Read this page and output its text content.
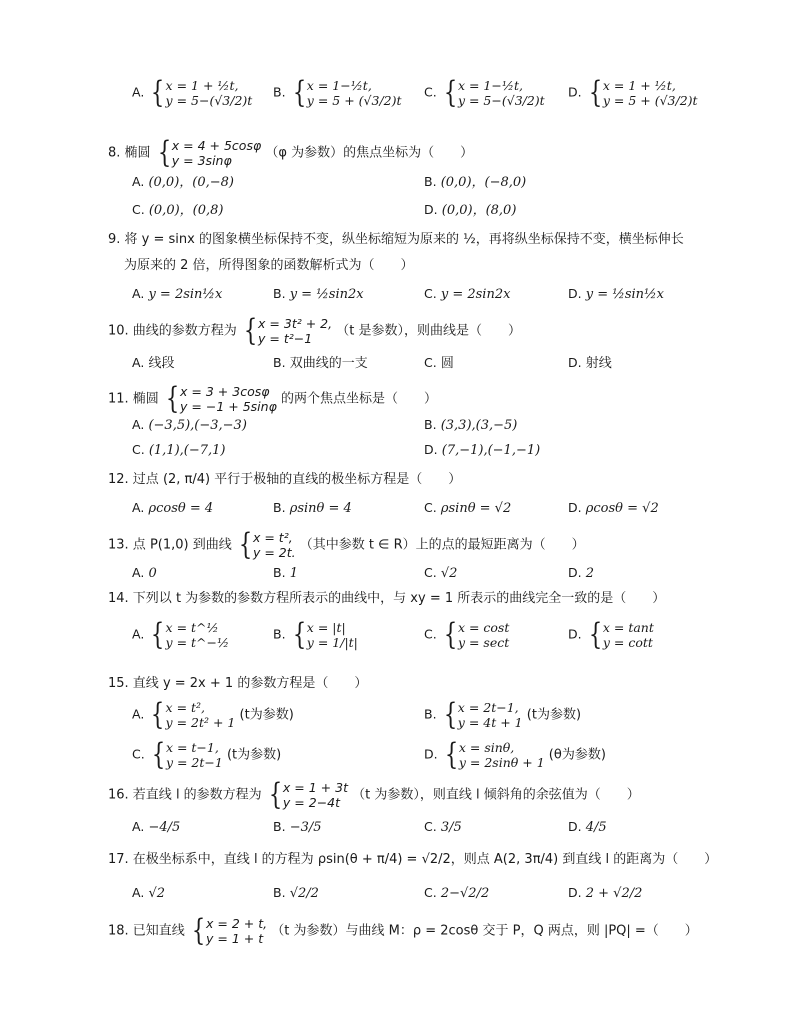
A. { x = 1 + ½t,
y = 5−(√3/2)t
B. { x = 1−½t,
y = 5 + (√3/2)t
C. { x = 1−½t,
y = 5−(√3/2)t
D. { x = 1 + ½t,
y = 5 + (√3/2)t
8. 椭圆 { x = 4 + 5cosφ
y = 3sinφ	（φ 为参数）的焦点坐标为（　　）
A. (0,0)，(0,−8)	B. (0,0)，(−8,0)
C. (0,0)，(0,8)	D. (0,0)，(8,0)
9. 将 y = sinx 的图象横坐标保持不变，纵坐标缩短为原来的 ½，再将纵坐标保持不变，横坐标伸长
为原来的 2 倍，所得图象的函数解析式为（　　）
A. y = 2sin½x	B. y = ½sin2x	C. y = 2sin2x	D. y = ½sin½x
10. 曲线的参数方程为 { x = 3t² + 2,
y = t²−1	（t 是参数），则曲线是（　　）
A. 线段	B. 双曲线的一支	C. 圆	D. 射线
11. 椭圆 { x = 3 + 3cosφ
y = −1 + 5sinφ 的两个焦点坐标是（　　）
A. (−3,5),(−3,−3)	B. (3,3),(3,−5)
C. (1,1),(−7,1)	D. (7,−1),(−1,−1)
12. 过点 (2, π/4) 平行于极轴的直线的极坐标方程是（　　）
A. ρcosθ = 4	B. ρsinθ = 4	C. ρsinθ = √2	D. ρcosθ = √2
13. 点 P(1,0) 到曲线 { x = t²,
y = 2t. （其中参数 t ∈ R）上的点的最短距离为（　　）
A. 0	B. 1	C. √2	D. 2
14. 下列以 t 为参数的参数方程所表示的曲线中，与 xy = 1 所表示的曲线完全一致的是（　　）
A. { x = t^½
y = t^−½
B. { x = |t|
y = 1/|t|
C. { x = cost
y = sect
D. { x = tant
y = cott
15. 直线 y = 2x + 1 的参数方程是（　　）
A. { x = t²,
y = 2t² + 1 (t为参数)	B. { x = 2t−1,
y = 4t + 1 (t为参数)
C. { x = t−1,
y = 2t−1 (t为参数)	D. { x = sinθ,
y = 2sinθ + 1 (θ为参数)
16. 若直线 l 的参数方程为 { x = 1 + 3t
y = 2−4t （t 为参数），则直线 l 倾斜角的余弦值为（　　）
A. −4/5	B. −3/5	C. 3/5	D. 4/5
17. 在极坐标系中，直线 l 的方程为 ρsin(θ + π/4) = √2/2，则点 A(2, 3π/4) 到直线 l 的距离为（　　）
A. √2	B. √2/2	C. 2−√2/2	D. 2 + √2/2
18. 已知直线 { x = 2 + t,
y = 1 + t （t 为参数）与曲线 M：ρ = 2cosθ 交于 P，Q 两点，则 |PQ| =（　　）
